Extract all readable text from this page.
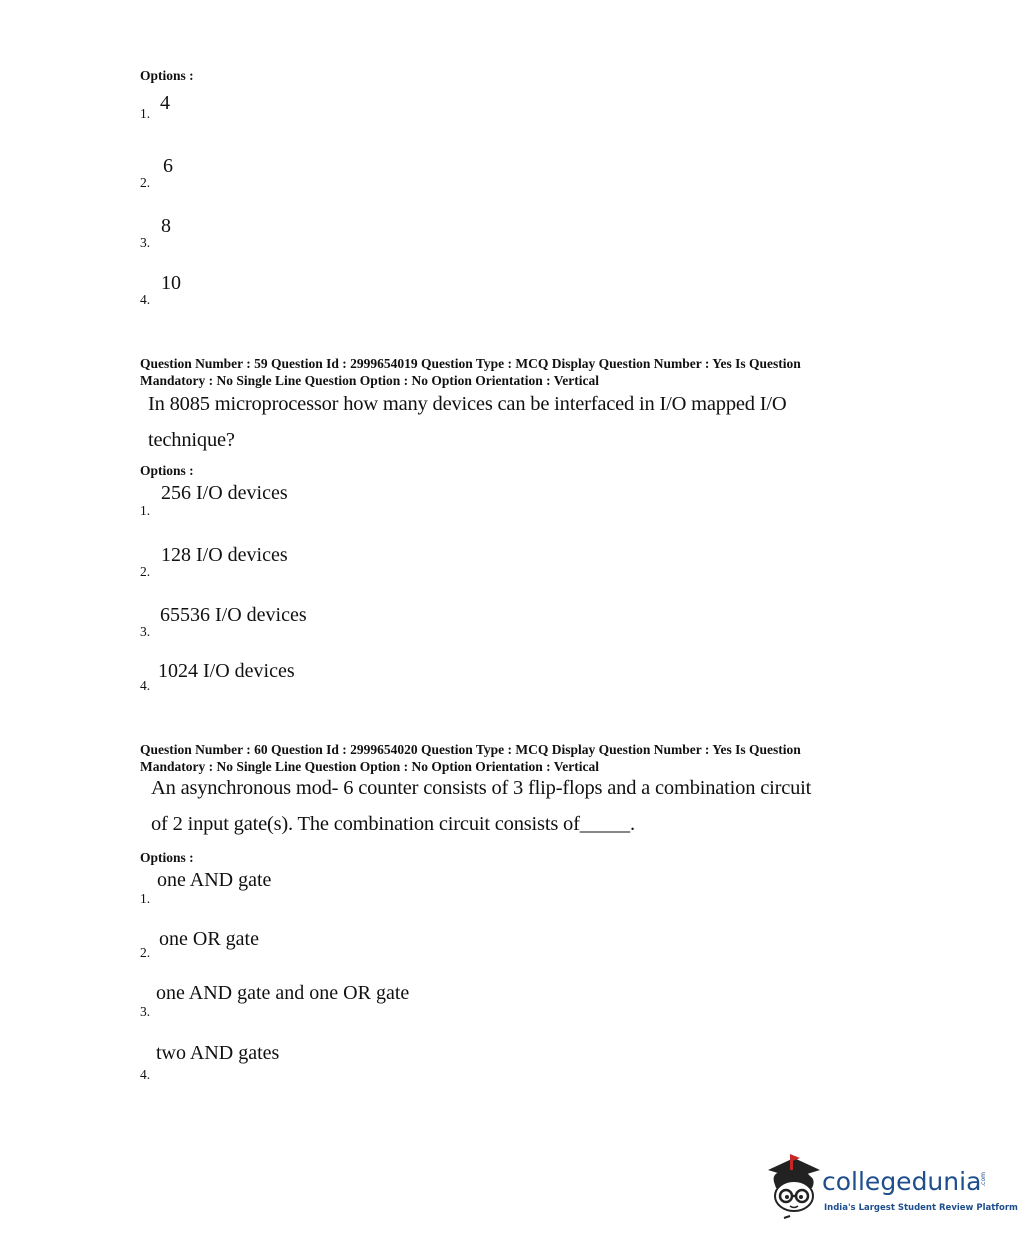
Options :
1. 4
2.
6
3.
8
4.
10
Question Number : 59 Question Id : 2999654019 Question Type : MCQ Display Question Number : Yes Is Question
Mandatory : No Single Line Question Option : No Option Orientation : Vertical
In 8085 microprocessor how many devices can be interfaced in I/O mapped I/O
technique?
Options :
1.
256 I/O devices
2.
128 I/O devices
3.
65536 I/O devices
4.
1024 I/O devices
Question Number : 60 Question Id : 2999654020 Question Type : MCQ Display Question Number : Yes Is Question
Mandatory : No Single Line Question Option : No Option Orientation : Vertical
An asynchronous mod- 6 counter consists of 3 flip-flops and a combination circuit
of 2 input gate(s). The combination circuit consists of_____.
Options :
1.
one AND gate
2.
one OR gate
3.
one AND gate and one OR gate
4.
two AND gates
collegedunia
.com
India's Largest Student Review Platform
